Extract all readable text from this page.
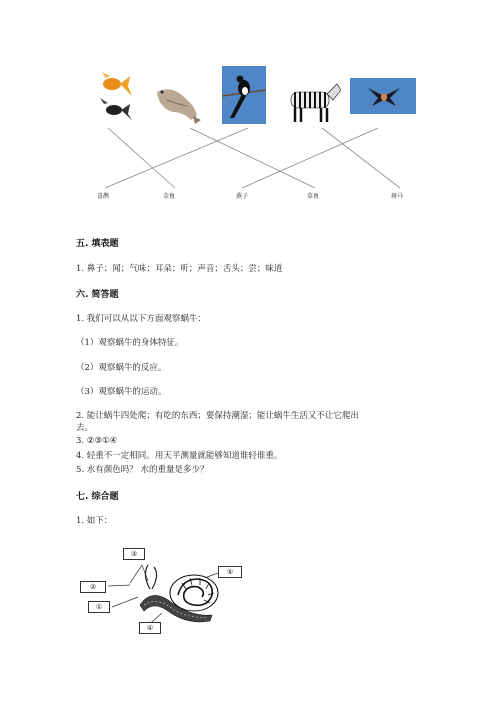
喜鹊	金鱼	燕子	草鱼	斑马
五. 填表题
1. 鼻子；闻；气味；耳朵；听；声音；舌头；尝；味道
六. 简答题
1. 我们可以从以下方面观察蜗牛：
（1）观察蜗牛的身体特征。
（2）观察蜗牛的反应。
（3）观察蜗牛的运动。
2. 能让蜗牛四处爬；有吃的东西；要保持潮湿；能让蜗牛生活又不让它爬出
去。
3. ②③①④
4. 轻重不一定相同。用天平测量就能够知道谁轻谁重。
5. 水有颜色吗？ 水的重量是多少？
七. 综合题
1. 如下：
③
②
①
④
⑤
